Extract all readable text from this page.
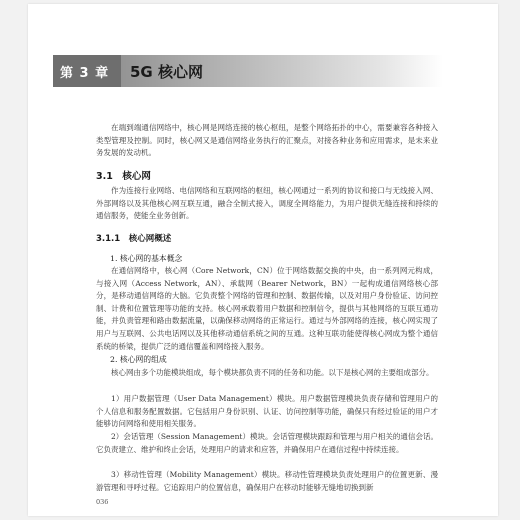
第 3 章 5G 核心网
在端到端通信网络中，核心网是网络连接的核心枢纽，是整个网络拓扑的中心，需要兼容各种接入类型管理及控制。同时，核心网又是通信网络业务执行的汇聚点，对接各种业务和应用需求，是未来业务发展的发动机。
3.1　核心网
作为连接行业网络、电信网络和互联网络的枢纽，核心网通过一系列的协议和接口与无线接入网、外部网络以及其他核心网互联互通，融合全制式接入，调度全网络能力，为用户提供无缝连接和持续的通信服务，使能全业务创新。
3.1.1　核心网概述
1. 核心网的基本概念
在通信网络中，核心网（Core Network，CN）位于网络数据交换的中央，由一系列网元构成，与接入网（Access Network，AN）、承载网（Bearer Network，BN）一起构成通信网络核心部分，是移动通信网络的大脑。它负责整个网络的管理和控制、数据传输，以及对用户身份验证、访问控制、计费和位置管理等功能的支持。核心网承载着用户数据和控制信令，提供与其他网络的互联互通功能，并负责管理和路由数据流量，以确保移动网络的正常运行。通过与外部网络的连接，核心网实现了用户与互联网、公共电话网以及其他移动通信系统之间的互通。这种互联功能使得核心网成为整个通信系统的桥梁，提供广泛的通信覆盖和网络接入服务。
2. 核心网的组成
核心网由多个功能模块组成，每个模块都负责不同的任务和功能。以下是核心网的主要组成部分。
1）用户数据管理（User Data Management）模块。用户数据管理模块负责存储和管理用户的个人信息和服务配置数据。它包括用户身份识别、认证、访问控制等功能，确保只有经过验证的用户才能够访问网络和使用相关服务。
2）会话管理（Session Management）模块。会话管理模块跟踪和管理与用户相关的通信会话。它负责建立、维护和终止会话，处理用户的请求和应答，并确保用户在通信过程中持续连接。
3）移动性管理（Mobility Management）模块。移动性管理模块负责处理用户的位置更新、漫游管理和寻呼过程。它追踪用户的位置信息，确保用户在移动时能够无缝地切换到新
036
